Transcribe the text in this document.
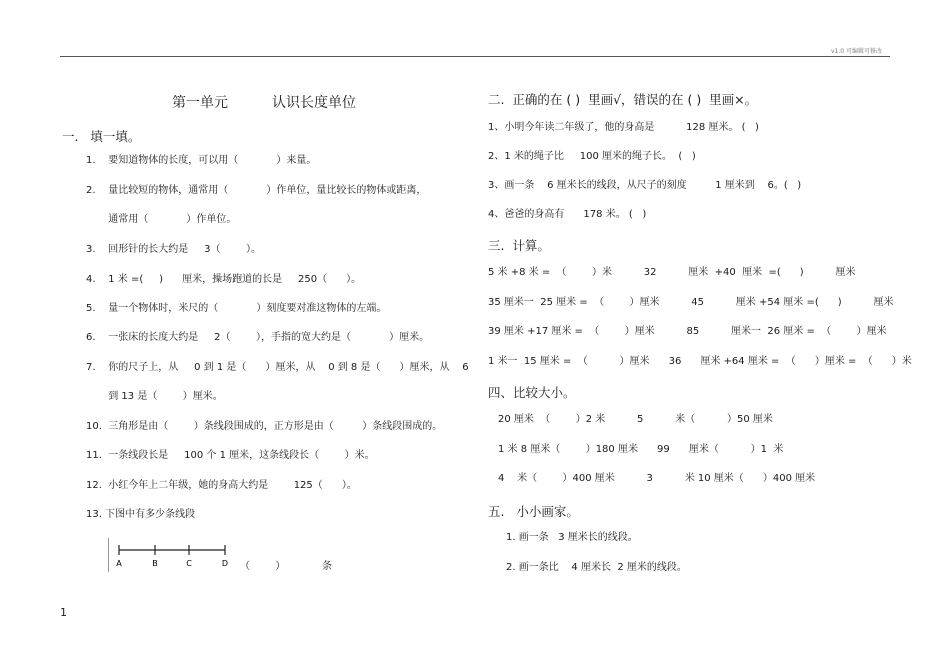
v1.0 可编辑可修改
第一单元	认识长度单位
一.   填一填。
1.    要知道物体的长度，可以用（            ）来量。
2.    量比较短的物体，通常用（            ）作单位，量比较长的物体或距离，
通常用（            ）作单位。
3.    回形针的长大约是     3（        ）。
4.    1 米 =(     )      厘米，操场跑道的长是     250（      ）。
5.    量一个物体时，米尺的（            ）刻度要对准这物体的左端。
6.    一张床的长度大约是     2（        ），手指的宽大约是（            ）厘米。
7.    你的尺子上，从     0 到 1 是（      ）厘米，从    0 到 8 是（      ）厘米，从    6
到 13 是（        ）厘米。
10.  三角形是由（        ）条线段围成的，正方形是由（         ）条线段围成的。
11.  一条线段长是     100 个 1 厘米，这条线段长（        ）米。
12.  小红今年上二年级，她的身高大约是        125（      ）。
13. 下图中有多少条线段
A	B	C	D （        ）	条
二.  正确的在 ( )  里画√，错误的在 ( )  里画×。
1、小明今年读二年级了，他的身高是          128 厘米。 (   )
2、1 米的绳子比     100 厘米的绳子长。  (   )
3、画一条    6 厘米长的线段，从尺子的刻度         1 厘米到    6。(   )
4、爸爸的身高有      178 米。 (   )
三.  计算。
5 米 +8 米 =  （        ）米          32          厘米  +40  厘米  =(      )          厘米
35 厘米一  25 厘米 =  （        ）厘米          45          厘米 +54 厘米 =(      )          厘米
39 厘米 +17 厘米 =  （        ）厘米          85          厘米一  26 厘米 =  （        ）厘米
1 米一  15 厘米 =  （          ）厘米      36      厘米 +64 厘米 =  （      ）厘米 =  （      ）米
四、比较大小。
20 厘米  （        ）2 米          5          米（          ）50 厘米
1 米 8 厘米（        ）180 厘米      99      厘米（          ）1  米
4    米（        ）400 厘米          3          米 10 厘米（      ）400 厘米
五.   小小画家。
1. 画一条   3 厘米长的线段。
2. 画一条比    4 厘米长  2 厘米的线段。
1
